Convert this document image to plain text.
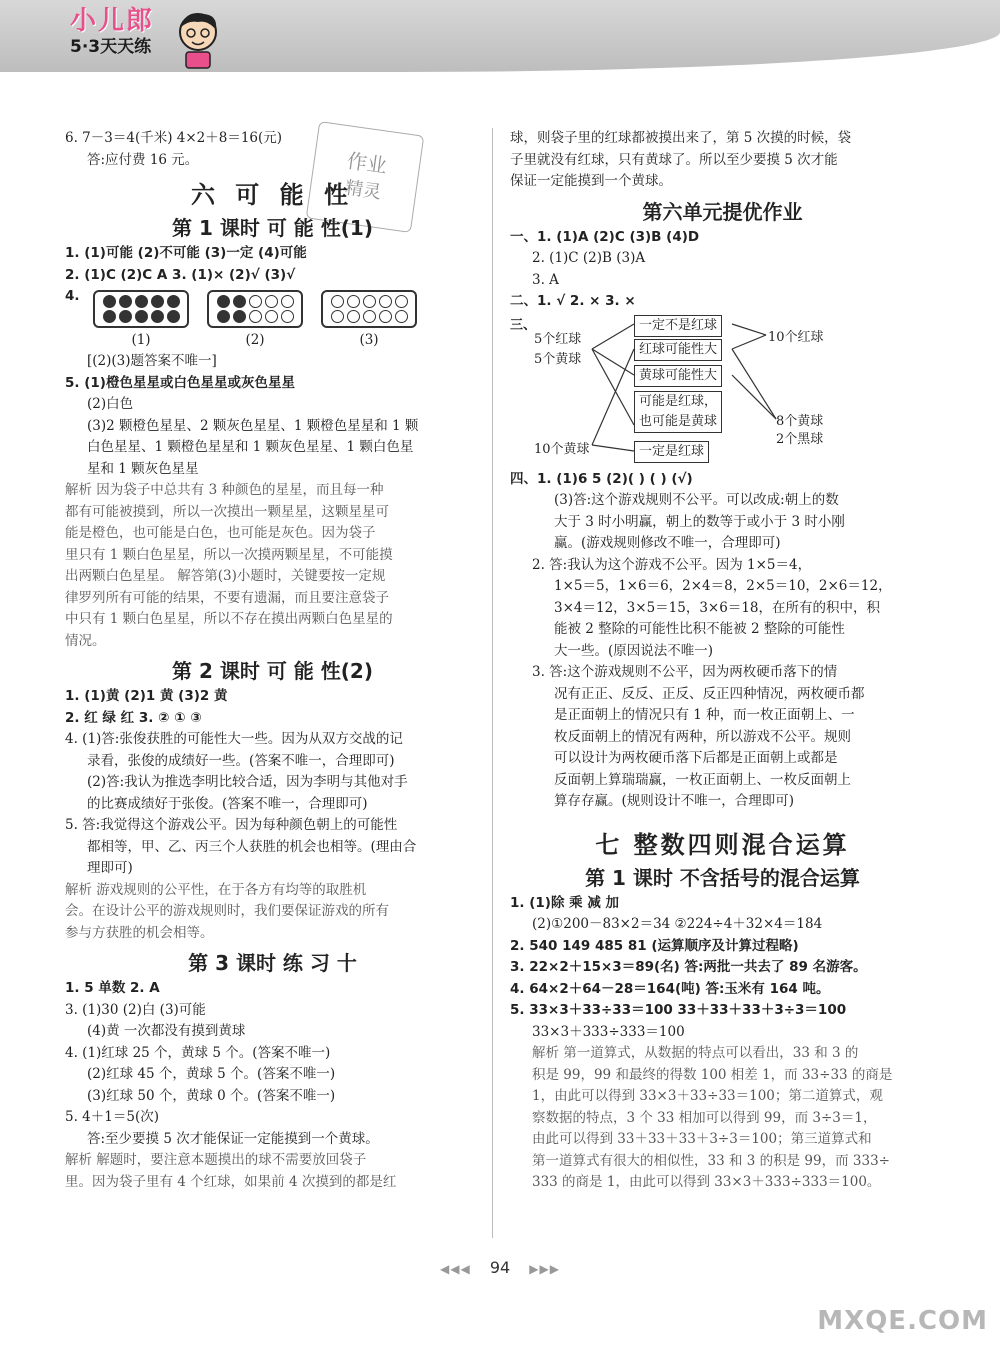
小儿郎
5·3天天练
作业
精灵
6. 7－3＝4(千米) 4×2＋8＝16(元)
答:应付费 16 元。
六 可 能 性
第 1 课时 可 能 性(1)
1. (1)可能 (2)不可能 (3)一定 (4)可能
2. (1)C (2)C A 3. (1)× (2)√ (3)√
4.
(1)	(2)	(3)
[(2)(3)题答案不唯一]
5. (1)橙色星星或白色星星或灰色星星
(2)白色
(3)2 颗橙色星星、2 颗灰色星星、1 颗橙色星星和 1 颗
白色星星、1 颗橙色星星和 1 颗灰色星星、1 颗白色星
星和 1 颗灰色星星
解析 因为袋子中总共有 3 种颜色的星星，而且每一种
都有可能被摸到，所以一次摸出一颗星星，这颗星星可
能是橙色，也可能是白色，也可能是灰色。因为袋子
里只有 1 颗白色星星，所以一次摸两颗星星，不可能摸
出两颗白色星星。 解答第(3)小题时，关键要按一定规
律罗列所有可能的结果，不要有遗漏，而且要注意袋子
中只有 1 颗白色星星，所以不存在摸出两颗白色星星的
情况。
第 2 课时 可 能 性(2)
1. (1)黄 (2)1 黄 (3)2 黄
2. 红 绿 红 3. ② ① ③
4. (1)答:张俊获胜的可能性大一些。因为从双方交战的记
录看，张俊的成绩好一些。(答案不唯一，合理即可)
(2)答:我认为推选李明比较合适，因为李明与其他对手
的比赛成绩好于张俊。(答案不唯一，合理即可)
5. 答:我觉得这个游戏公平。因为每种颜色朝上的可能性
都相等，甲、乙、丙三个人获胜的机会也相等。(理由合
理即可)
解析 游戏规则的公平性，在于各方有均等的取胜机
会。在设计公平的游戏规则时，我们要保证游戏的所有
参与方获胜的机会相等。
第 3 课时 练 习 十
1. 5 单数 2. A
3. (1)30 (2)白 (3)可能
(4)黄 一次都没有摸到黄球
4. (1)红球 25 个，黄球 5 个。(答案不唯一)
(2)红球 45 个，黄球 5 个。(答案不唯一)
(3)红球 50 个，黄球 0 个。(答案不唯一)
5. 4＋1＝5(次)
答:至少要摸 5 次才能保证一定能摸到一个黄球。
解析 解题时，要注意本题摸出的球不需要放回袋子
里。因为袋子里有 4 个红球，如果前 4 次摸到的都是红
球，则袋子里的红球都被摸出来了，第 5 次摸的时候，袋
子里就没有红球，只有黄球了。所以至少要摸 5 次才能
保证一定能摸到一个黄球。
第六单元提优作业
一、1. (1)A (2)C (3)B (4)D
2. (1)C (2)B (3)A
3. A
二、1. √ 2. × 3. ×
三、
5个红球
5个黄球
10个黄球
一定不是红球
红球可能性大
黄球可能性大
可能是红球，
也可能是黄球
一定是红球
10个红球
8个黄球
2个黑球
四、1. (1)6 5 (2)( ) ( ) (√)
(3)答:这个游戏规则不公平。可以改成:朝上的数
大于 3 时小明赢，朝上的数等于或小于 3 时小刚
赢。(游戏规则修改不唯一，合理即可)
2. 答:我认为这个游戏不公平。因为 1×5＝4，
1×5＝5，1×6＝6，2×4＝8，2×5＝10，2×6＝12，
3×4＝12，3×5＝15，3×6＝18，在所有的积中，积
能被 2 整除的可能性比积不能被 2 整除的可能性
大一些。(原因说法不唯一)
3. 答:这个游戏规则不公平，因为两枚硬币落下的情
况有正正、反反、正反、反正四种情况，两枚硬币都
是正面朝上的情况只有 1 种，而一枚正面朝上、一
枚反面朝上的情况有两种，所以游戏不公平。规则
可以设计为两枚硬币落下后都是正面朝上或都是
反面朝上算瑞瑞赢，一枚正面朝上、一枚反面朝上
算存存赢。(规则设计不唯一，合理即可)
七 整数四则混合运算
第 1 课时 不含括号的混合运算
1. (1)除 乘 减 加
(2)①200－83×2＝34 ②224÷4＋32×4＝184
2. 540 149 485 81 (运算顺序及计算过程略)
3. 22×2＋15×3＝89(名) 答:两批一共去了 89 名游客。
4. 64×2＋64－28＝164(吨) 答:玉米有 164 吨。
5. 33×3＋33÷33＝100 33＋33＋33＋3÷3＝100
33×3＋333÷333＝100
解析 第一道算式，从数据的特点可以看出，33 和 3 的
积是 99，99 和最终的得数 100 相差 1，而 33÷33 的商是
1，由此可以得到 33×3＋33÷33＝100；第二道算式，观
察数据的特点，3 个 33 相加可以得到 99，而 3÷3＝1，
由此可以得到 33＋33＋33＋3÷3＝100；第三道算式和
第一道算式有很大的相似性，33 和 3 的积是 99，而 333÷
333 的商是 1，由此可以得到 33×3＋333÷333＝100。
◀◀◀ 94 ▶▶▶
MXQE.COM
